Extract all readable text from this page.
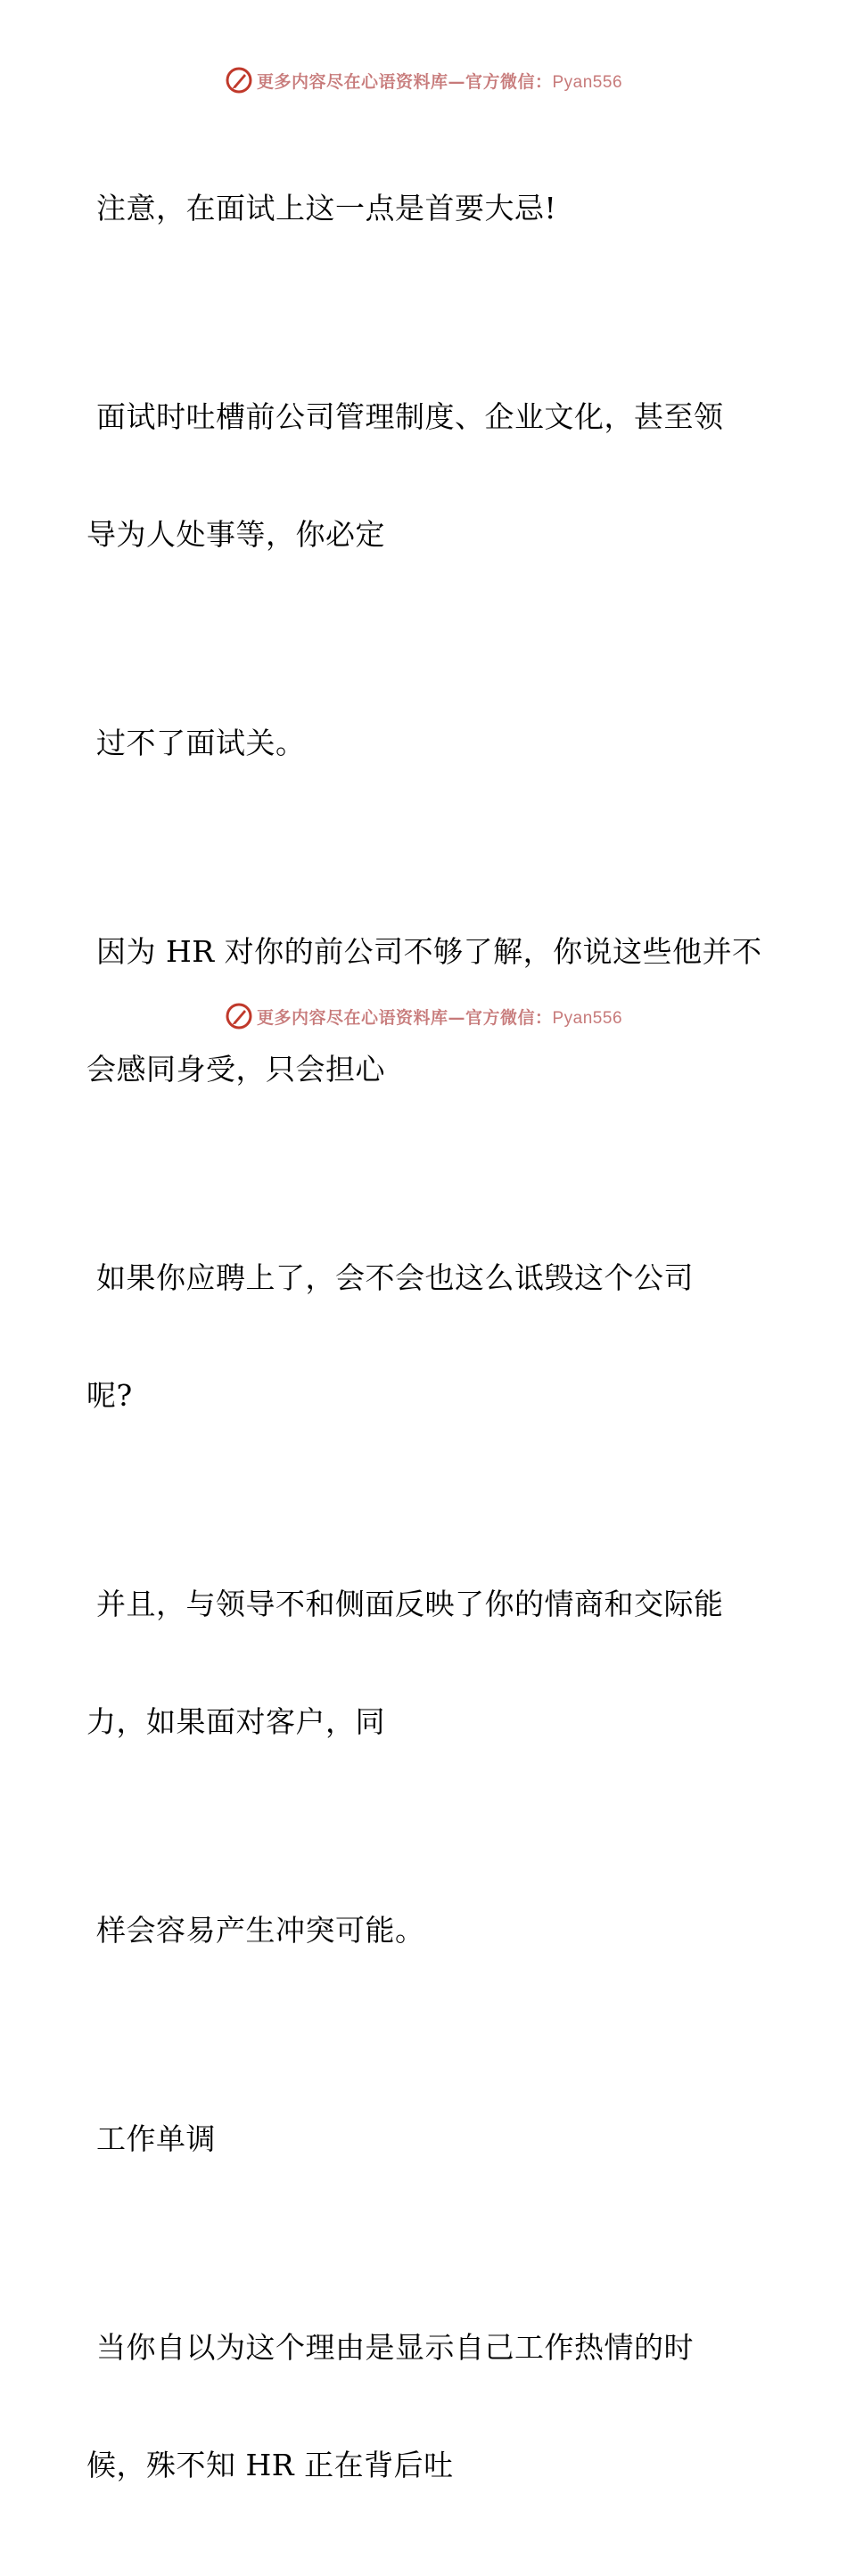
更多内容尽在心语资料库—官方微信：Pyan556

注意，在面试上这一点是首要大忌!

面试时吐槽前公司管理制度、企业文化，甚至领

导为人处事等，你必定

过不了面试关。

因为 HR 对你的前公司不够了解，你说这些他并不

会感同身受，只会担心

如果你应聘上了，会不会也这么诋毁这个公司

呢?

并且，与领导不和侧面反映了你的情商和交际能

力，如果面对客户，同

样会容易产生冲突可能。

工作单调

当你自以为这个理由是显示自己工作热情的时

候，殊不知 HR 正在背后吐

更多内容尽在心语资料库—官方微信：Pyan556
